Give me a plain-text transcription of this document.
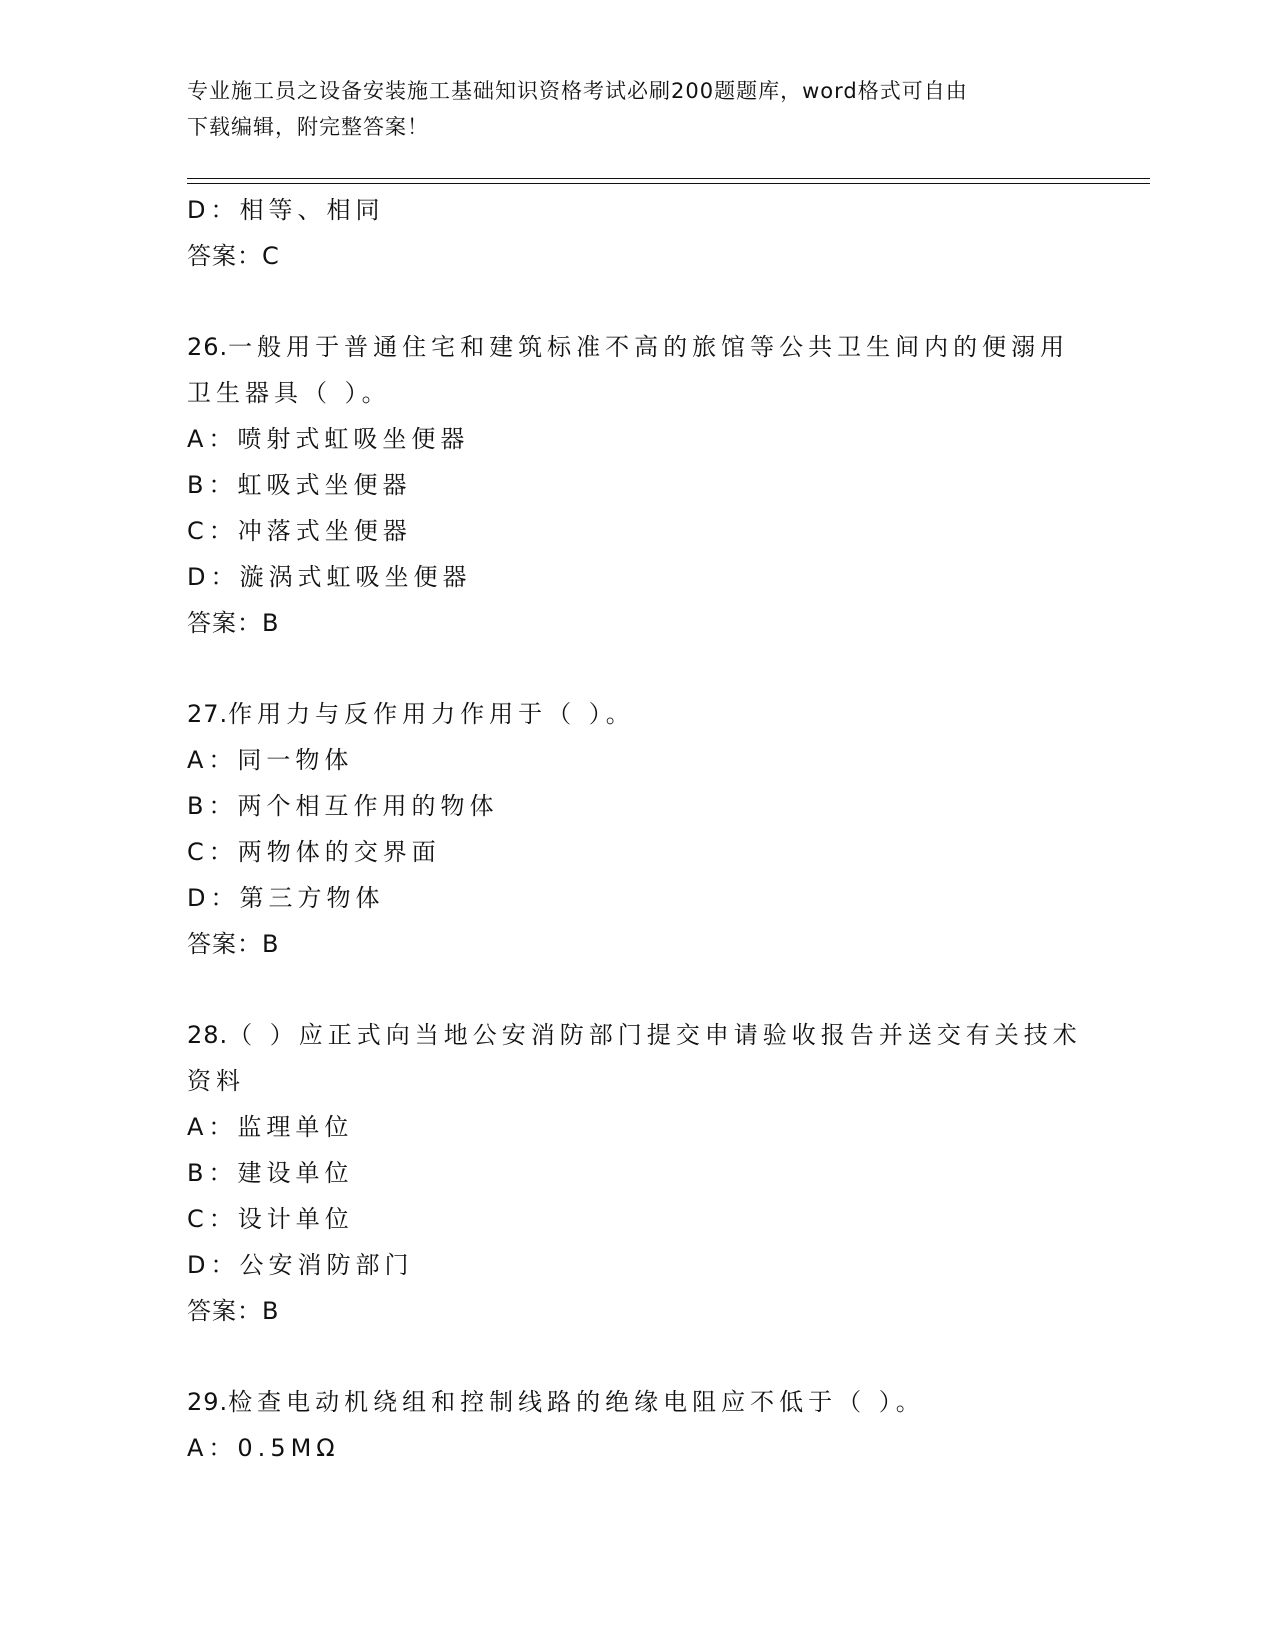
专业施工员之设备安装施工基础知识资格考试必刷200题题库，word格式可自由
下载编辑，附完整答案！
D：相等、相同
答案：C
26.一般用于普通住宅和建筑标准不高的旅馆等公共卫生间内的便溺用卫生器具（ ）。
A：喷射式虹吸坐便器
B：虹吸式坐便器
C：冲落式坐便器
D：漩涡式虹吸坐便器
答案：B
27.作用力与反作用力作用于（ ）。
A：同一物体
B：两个相互作用的物体
C：两物体的交界面
D：第三方物体
答案：B
28.（ ）应正式向当地公安消防部门提交申请验收报告并送交有关技术资料
A：监理单位
B：建设单位
C：设计单位
D：公安消防部门
答案：B
29.检查电动机绕组和控制线路的绝缘电阻应不低于（ ）。
A：0.5MΩ
